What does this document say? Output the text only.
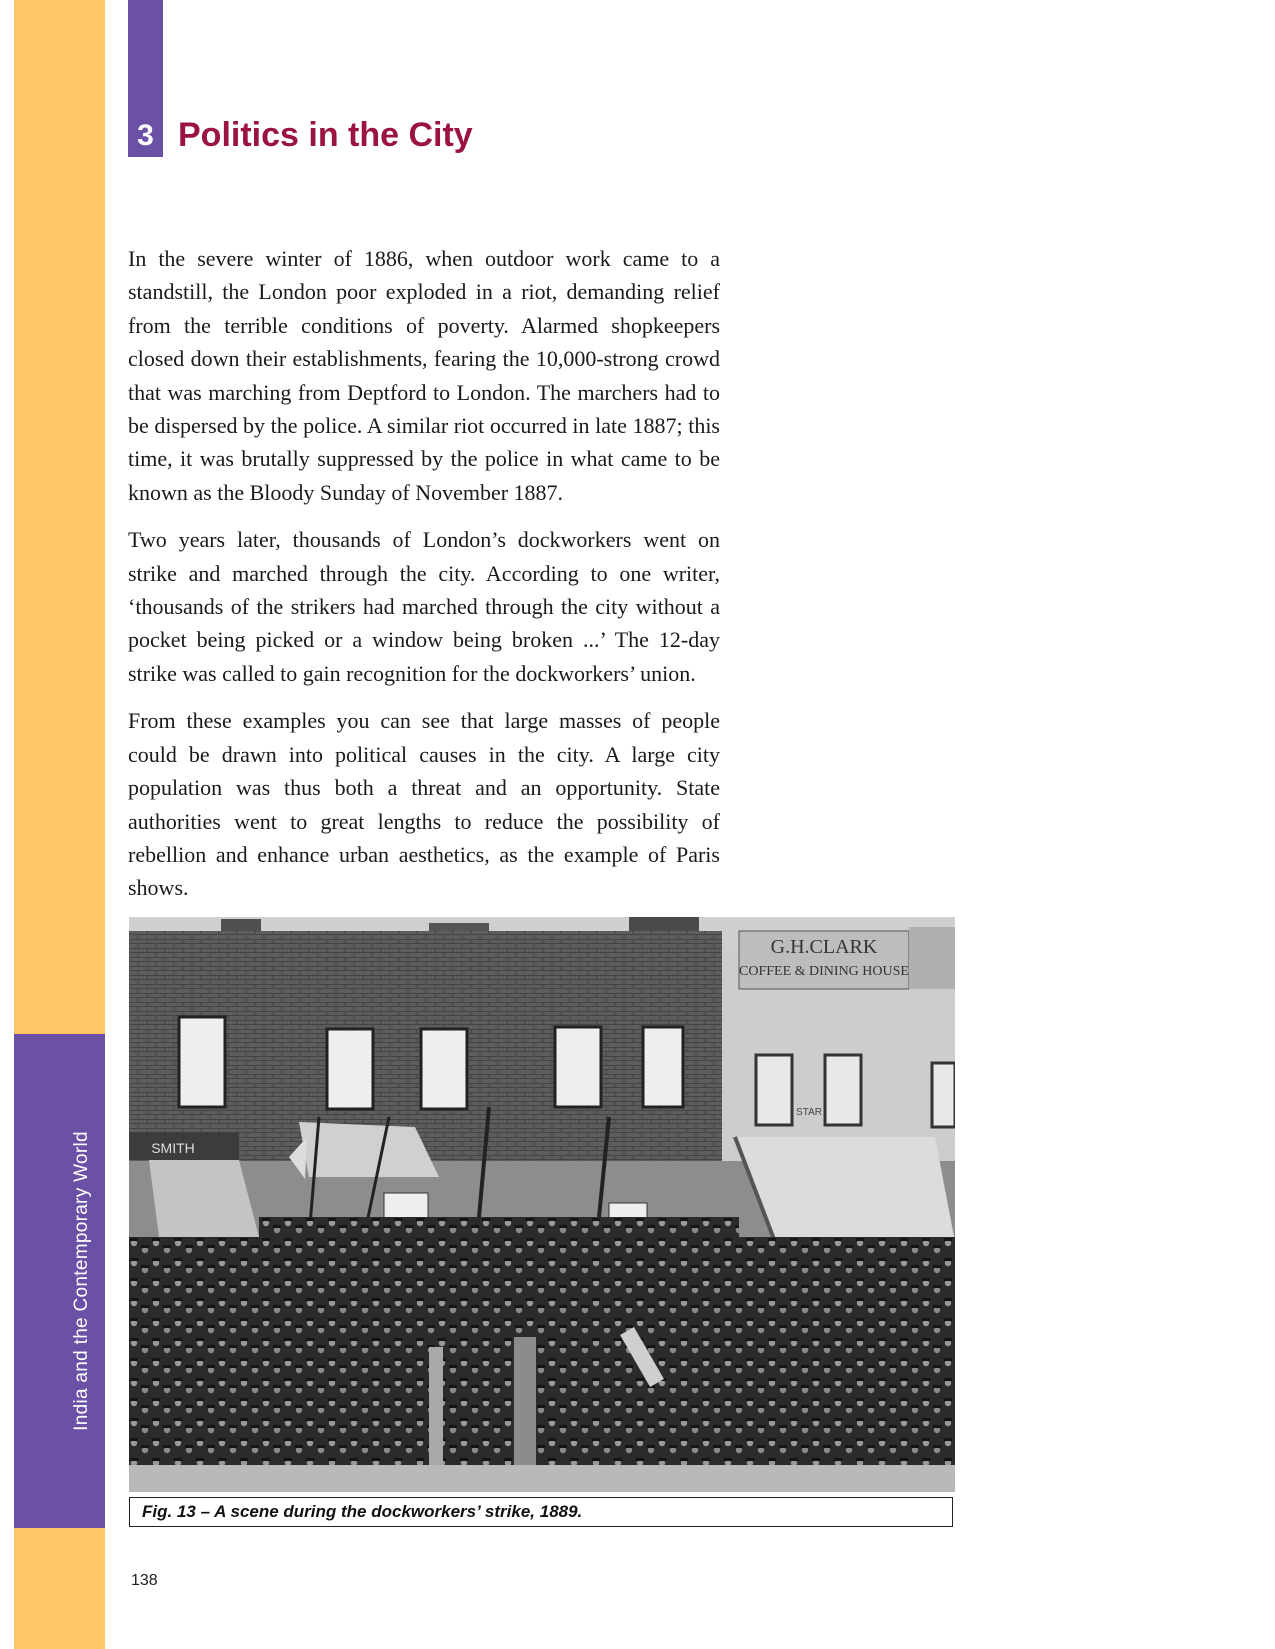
India and the Contemporary World
3 Politics in the City

In the severe winter of 1886, when outdoor work came to a standstill, the London poor exploded in a riot, demanding relief from the terrible conditions of poverty. Alarmed shopkeepers closed down their establishments, fearing the 10,000-strong crowd that was marching from Deptford to London. The marchers had to be dispersed by the police. A similar riot occurred in late 1887; this time, it was brutally suppressed by the police in what came to be known as the Bloody Sunday of November 1887.

Two years later, thousands of London’s dockworkers went on strike and marched through the city. According to one writer, ‘thousands of the strikers had marched through the city without a pocket being picked or a window being broken ...’ The 12-day strike was called to gain recognition for the dockworkers’ union.

From these examples you can see that large masses of people could be drawn into political causes in the city. A large city population was thus both a threat and an opportunity. State authorities went to great lengths to reduce the possibility of rebellion and enhance urban aesthetics, as the example of Paris shows.

G.H.CLARK
COFFEE & DINING HOUSE
STAR
SMITH
Fig. 13 – A scene during the dockworkers’ strike, 1889.
138
